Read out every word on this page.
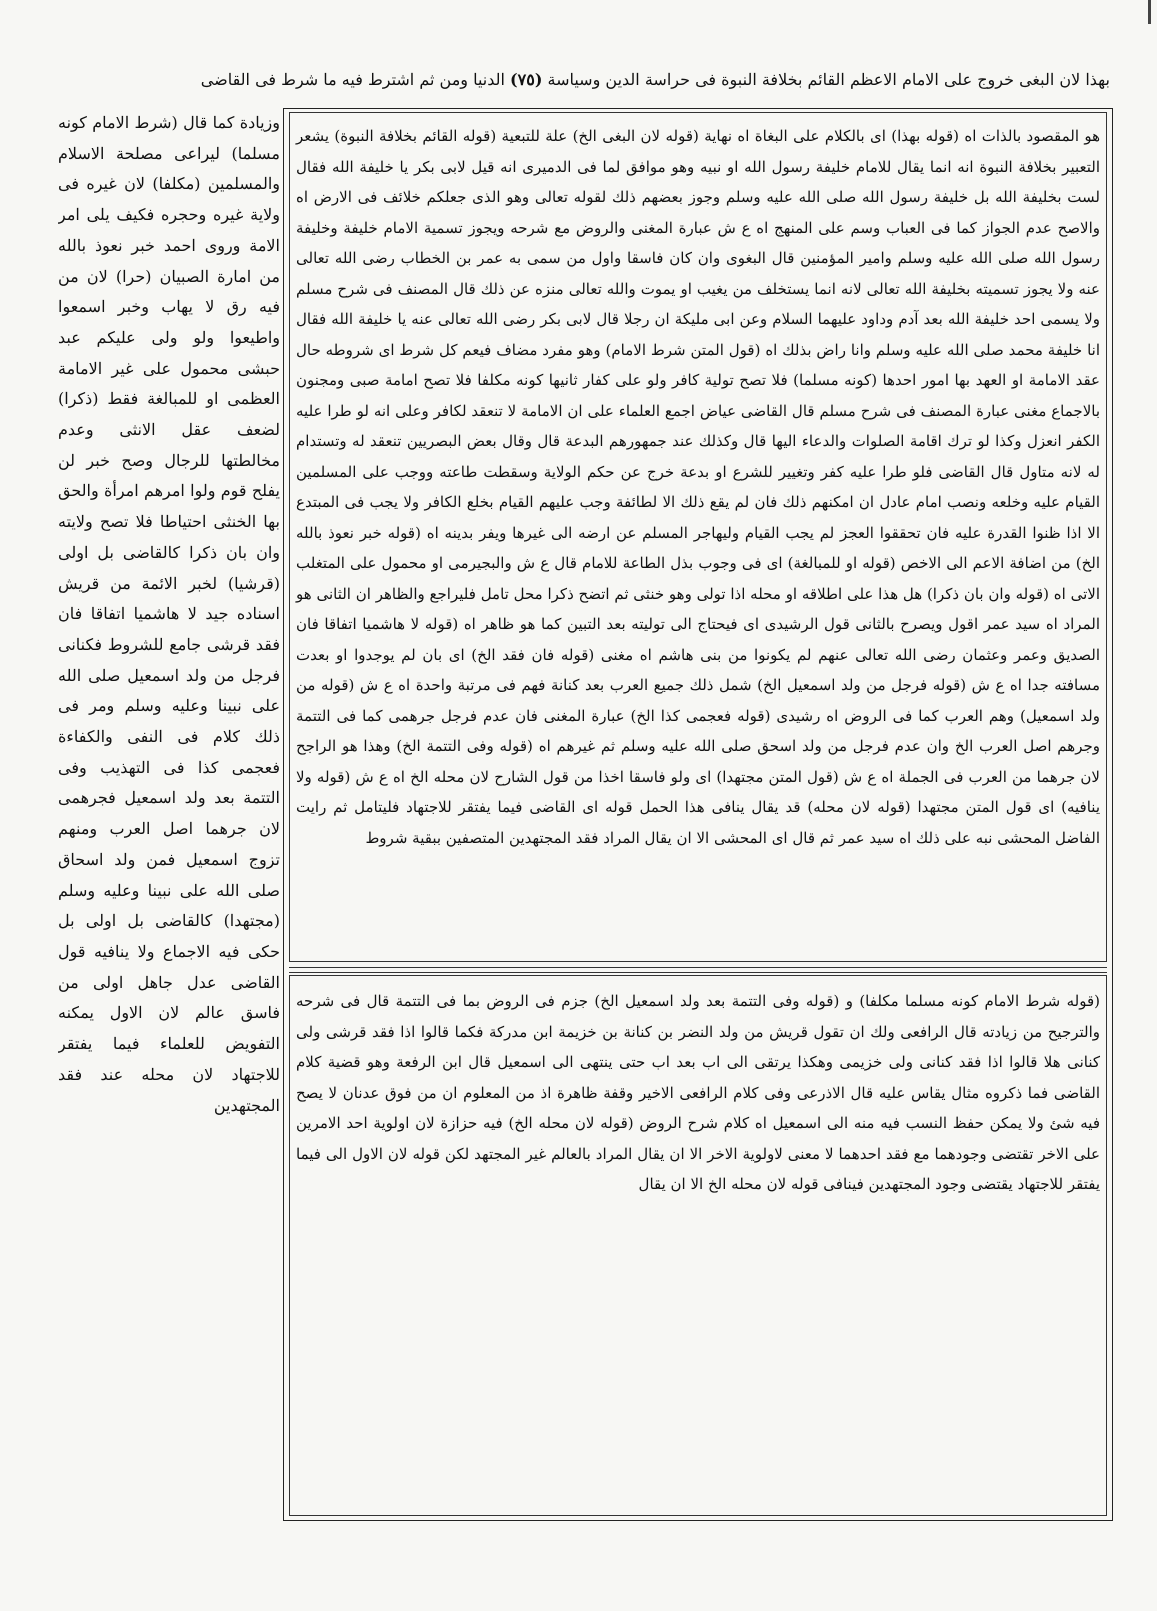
بهذا لان البغى خروج على الامام الاعظم القائم بخلافة النبوة فى حراسة الدين وسياسة (٧٥) الدنيا ومن ثم اشترط فيه ما شرط فى القاضى
وزيادة كما قال (شرط الامام كونه مسلما) ليراعى مصلحة الاسلام والمسلمين (مكلفا) لان غيره فى ولاية غيره وحجره فكيف يلى امر الامة وروى احمد خبر نعوذ بالله من امارة الصبيان (حرا) لان من فيه رق لا يهاب وخبر اسمعوا واطيعوا ولو ولى عليكم عبد حبشى محمول على غير الامامة العظمى او للمبالغة فقط (ذكرا) لضعف عقل الانثى وعدم مخالطتها للرجال وصح خبر لن يفلح قوم ولوا امرهم امرأة والحق بها الخنثى احتياطا فلا تصح ولايته وان بان ذكرا كالقاضى بل اولى (قرشيا) لخبر الائمة من قريش اسناده جيد لا هاشميا اتفاقا فان فقد قرشى جامع للشروط فكنانى فرجل من ولد اسمعيل صلى الله على نبينا وعليه وسلم ومر فى ذلك كلام فى النفى والكفاءة فعجمى كذا فى التهذيب وفى التتمة بعد ولد اسمعيل فجرهمى لان جرهما اصل العرب ومنهم تزوج اسمعيل فمن ولد اسحاق صلى الله على نبينا وعليه وسلم (مجتهدا) كالقاضى بل اولى بل حكى فيه الاجماع ولا ينافيه قول القاضى عدل جاهل اولى من فاسق عالم لان الاول يمكنه التفويض للعلماء فيما يفتقر للاجتهاد لان محله عند فقد المجتهدين
هو المقصود بالذات اه (قوله بهذا) اى بالكلام على البغاة اه نهاية (قوله لان البغى الخ) علة للتبعية (قوله القائم بخلافة النبوة) يشعر التعبير بخلافة النبوة انه انما يقال للامام خليفة رسول الله او نبيه وهو موافق لما فى الدميرى انه قيل لابى بكر يا خليفة الله فقال لست بخليفة الله بل خليفة رسول الله صلى الله عليه وسلم وجوز بعضهم ذلك لقوله تعالى وهو الذى جعلكم خلائف فى الارض اه والاصح عدم الجواز كما فى العباب وسم على المنهج اه ع ش عبارة المغنى والروض مع شرحه ويجوز تسمية الامام خليفة وخليفة رسول الله صلى الله عليه وسلم وامير المؤمنين قال البغوى وان كان فاسقا واول من سمى به عمر بن الخطاب رضى الله تعالى عنه ولا يجوز تسميته بخليفة الله تعالى لانه انما يستخلف من يغيب او يموت والله تعالى منزه عن ذلك قال المصنف فى شرح مسلم ولا يسمى احد خليفة الله بعد آدم وداود عليهما السلام وعن ابى مليكة ان رجلا قال لابى بكر رضى الله تعالى عنه يا خليفة الله فقال انا خليفة محمد صلى الله عليه وسلم وانا راض بذلك اه (قول المتن شرط الامام) وهو مفرد مضاف فيعم كل شرط اى شروطه حال عقد الامامة او العهد بها امور احدها (كونه مسلما) فلا تصح تولية كافر ولو على كفار ثانيها كونه مكلفا فلا تصح امامة صبى ومجنون بالاجماع مغنى عبارة المصنف فى شرح مسلم قال القاضى عياض اجمع العلماء على ان الامامة لا تنعقد لكافر وعلى انه لو طرا عليه الكفر انعزل وكذا لو ترك اقامة الصلوات والدعاء اليها قال وكذلك عند جمهورهم البدعة قال وقال بعض البصريين تنعقد له وتستدام له لانه متاول قال القاضى فلو طرا عليه كفر وتغيير للشرع او بدعة خرج عن حكم الولاية وسقطت طاعته ووجب على المسلمين القيام عليه وخلعه ونصب امام عادل ان امكنهم ذلك فان لم يقع ذلك الا لطائفة وجب عليهم القيام بخلع الكافر ولا يجب فى المبتدع الا اذا ظنوا القدرة عليه فان تحققوا العجز لم يجب القيام وليهاجر المسلم عن ارضه الى غيرها ويفر بدينه اه (قوله خبر نعوذ بالله الخ) من اضافة الاعم الى الاخص (قوله او للمبالغة) اى فى وجوب بذل الطاعة للامام قال ع ش والبجيرمى او محمول على المتغلب الاتى اه (قوله وان بان ذكرا) هل هذا على اطلاقه او محله اذا تولى وهو خنثى ثم اتضح ذكرا محل تامل فليراجع والظاهر ان الثانى هو المراد اه سيد عمر اقول ويصرح بالثانى قول الرشيدى اى فيحتاج الى توليته بعد التبين كما هو ظاهر اه (قوله لا هاشميا اتفاقا فان الصديق وعمر وعثمان رضى الله تعالى عنهم لم يكونوا من بنى هاشم اه مغنى (قوله فان فقد الخ) اى بان لم يوجدوا او بعدت مسافته جدا اه ع ش (قوله فرجل من ولد اسمعيل الخ) شمل ذلك جميع العرب بعد كنانة فهم فى مرتبة واحدة اه ع ش (قوله من ولد اسمعيل) وهم العرب كما فى الروض اه رشيدى (قوله فعجمى كذا الخ) عبارة المغنى فان عدم فرجل جرهمى كما فى التتمة وجرهم اصل العرب الخ وان عدم فرجل من ولد اسحق صلى الله عليه وسلم ثم غيرهم اه (قوله وفى التتمة الخ) وهذا هو الراجح لان جرهما من العرب فى الجملة اه ع ش (قول المتن مجتهدا) اى ولو فاسقا اخذا من قول الشارح لان محله الخ اه ع ش (قوله ولا ينافيه) اى قول المتن مجتهدا (قوله لان محله) قد يقال ينافى هذا الحمل قوله اى القاضى فيما يفتقر للاجتهاد فليتامل ثم رايت الفاضل المحشى نبه على ذلك اه سيد عمر ثم قال اى المحشى الا ان يقال المراد فقد المجتهدين المتصفين ببقية شروط
(قوله شرط الامام كونه مسلما مكلفا) و (قوله وفى التتمة بعد ولد اسمعيل الخ) جزم فى الروض بما فى التتمة قال فى شرحه والترجيح من زيادته قال الرافعى ولك ان تقول قريش من ولد النضر بن كنانة بن خزيمة ابن مدركة فكما قالوا اذا فقد قرشى ولى كنانى هلا قالوا اذا فقد كنانى ولى خزيمى وهكذا يرتقى الى اب بعد اب حتى ينتهى الى اسمعيل قال ابن الرفعة وهو قضية كلام القاضى فما ذكروه مثال يقاس عليه قال الاذرعى وفى كلام الرافعى الاخير وقفة ظاهرة اذ من المعلوم ان من فوق عدنان لا يصح فيه شئ ولا يمكن حفظ النسب فيه منه الى اسمعيل اه كلام شرح الروض (قوله لان محله الخ) فيه حزازة لان اولوية احد الامرين على الاخر تقتضى وجودهما مع فقد احدهما لا معنى لاولوية الاخر الا ان يقال المراد بالعالم غير المجتهد لكن قوله لان الاول الى فيما يفتقر للاجتهاد يقتضى وجود المجتهدين فينافى قوله لان محله الخ الا ان يقال
